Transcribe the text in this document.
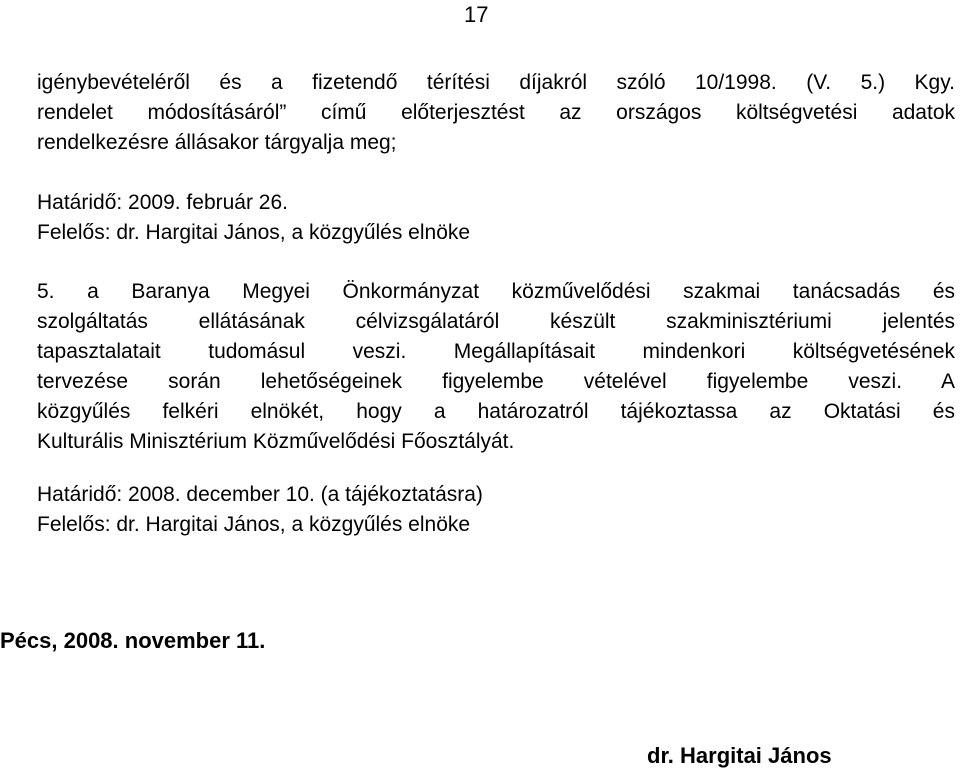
17
igénybevételéről és a fizetendő térítési díjakról szóló 10/1998. (V. 5.) Kgy.
rendelet módosításáról” című előterjesztést az országos költségvetési adatok
rendelkezésre állásakor tárgyalja meg;
Határidő: 2009. február 26.
Felelős: dr. Hargitai János, a közgyűlés elnöke
5. a Baranya Megyei Önkormányzat közművelődési szakmai tanácsadás és
szolgáltatás ellátásának célvizsgálatáról készült szakminisztériumi jelentés
tapasztalatait tudomásul veszi. Megállapításait mindenkori költségvetésének
tervezése során lehetőségeinek figyelembe vételével figyelembe veszi. A
közgyűlés felkéri elnökét, hogy a határozatról tájékoztassa az Oktatási és
Kulturális Minisztérium Közművelődési Főosztályát.
Határidő: 2008. december 10. (a tájékoztatásra)
Felelős: dr. Hargitai János, a közgyűlés elnöke
Pécs, 2008. november 11.
dr. Hargitai János
